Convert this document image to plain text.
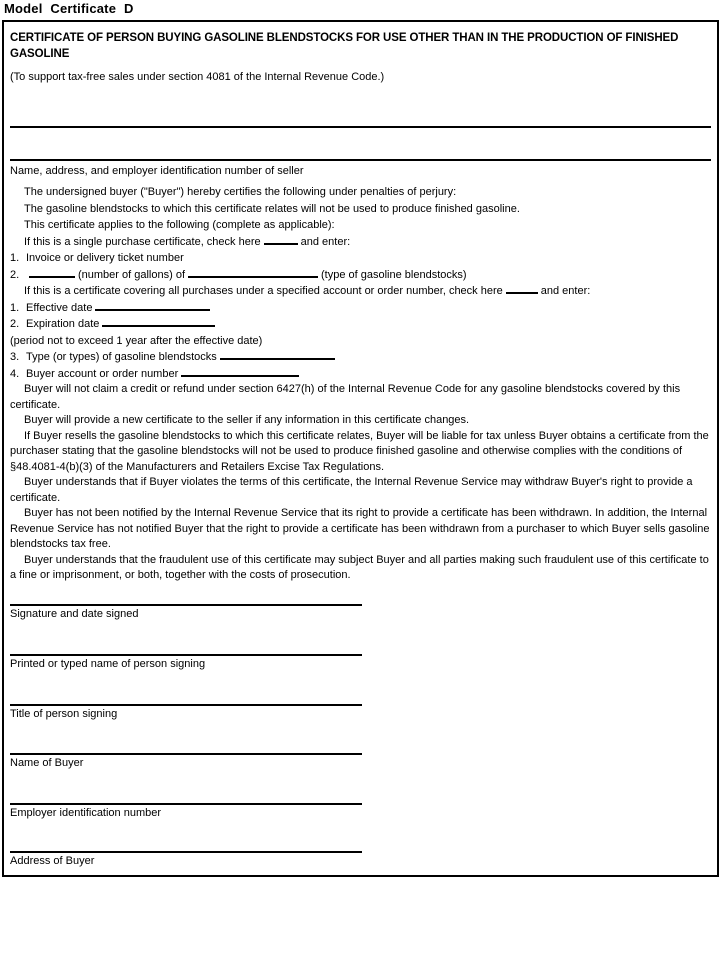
Model Certificate D
CERTIFICATE OF PERSON BUYING GASOLINE BLENDSTOCKS FOR USE OTHER THAN IN THE PRODUCTION OF FINISHED GASOLINE
(To support tax-free sales under section 4081 of the Internal Revenue Code.)
Name, address, and employer identification number of seller

The undersigned buyer ("Buyer") hereby certifies the following under penalties of perjury:

The gasoline blendstocks to which this certificate relates will not be used to produce finished gasoline.

This certificate applies to the following (complete as applicable):

If this is a single purchase certificate, check here	and enter:

1. Invoice or delivery ticket number

2.	(number of gallons) of	(type of gasoline blendstocks)

If this is a certificate covering all purchases under a specified account or order number, check here	and enter:

1. Effective date

2. Expiration date

(period not to exceed 1 year after the effective date)

3. Type (or types) of gasoline blendstocks

4. Buyer account or order number

Buyer will not claim a credit or refund under section 6427(h) of the Internal Revenue Code for any gasoline blendstocks covered by this certificate.

Buyer will provide a new certificate to the seller if any information in this certificate changes.

If Buyer resells the gasoline blendstocks to which this certificate relates, Buyer will be liable for tax unless Buyer obtains a certificate from the purchaser stating that the gasoline blendstocks will not be used to produce finished gasoline and otherwise complies with the conditions of §48.4081-4(b)(3) of the Manufacturers and Retailers Excise Tax Regulations.

Buyer understands that if Buyer violates the terms of this certificate, the Internal Revenue Service may withdraw Buyer's right to provide a certificate.

Buyer has not been notified by the Internal Revenue Service that its right to provide a certificate has been withdrawn. In addition, the Internal Revenue Service has not notified Buyer that the right to provide a certificate has been withdrawn from a purchaser to which Buyer sells gasoline blendstocks tax free.

Buyer understands that the fraudulent use of this certificate may subject Buyer and all parties making such fraudulent use of this certificate to a fine or imprisonment, or both, together with the costs of prosecution.

Signature and date signed
Printed or typed name of person signing
Title of person signing
Name of Buyer
Employer identification number
Address of Buyer
